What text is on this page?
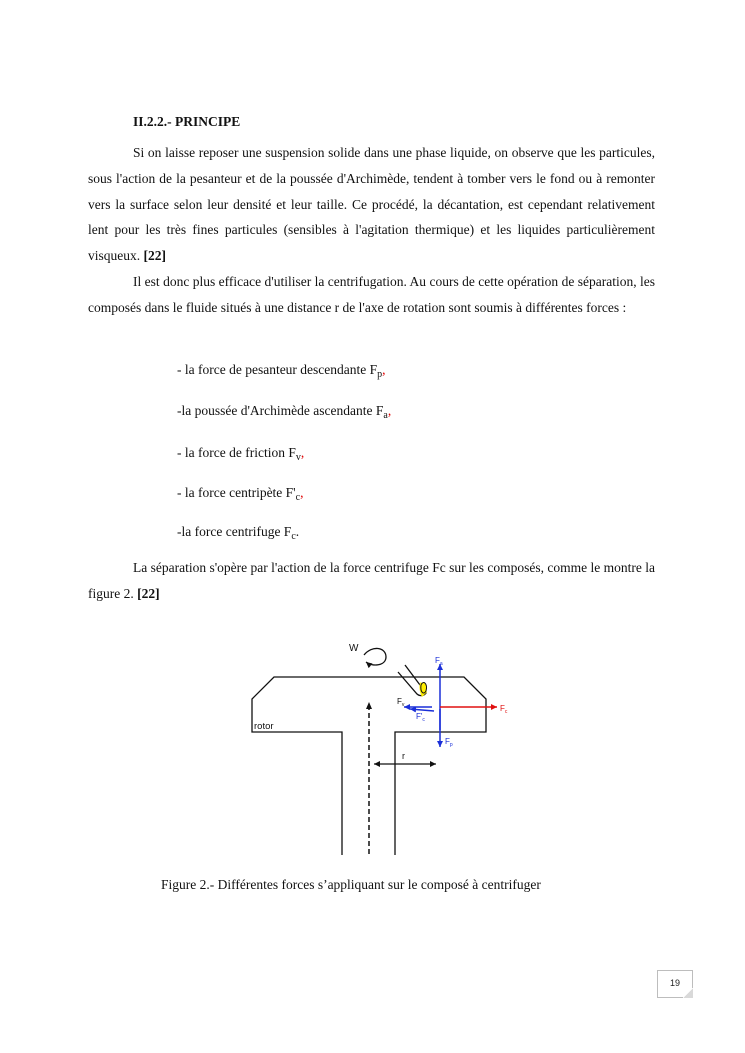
II.2.2.- PRINCIPE

Si on laisse reposer une suspension solide dans une phase liquide, on observe que les particules, sous l'action de la pesanteur et de la poussée d'Archimède, tendent à tomber vers le fond ou à remonter vers la surface selon leur densité et leur taille. Ce procédé, la décantation, est cependant relativement lent pour les très fines particules (sensibles à l'agitation thermique) et les liquides particulièrement visqueux. [22]

Il est donc plus efficace d'utiliser la centrifugation. Au cours de cette opération de séparation, les composés dans le fluide situés à une distance r de l'axe de rotation sont soumis à différentes forces :

- la force de pesanteur descendante $F_p$,
-la poussée d'Archimède ascendante $F_a$,
- la force de friction $F_v$,
- la force centripète $F'_c$,
-la force centrifuge $F_c$.

La séparation s'opère par l'action de la force centrifuge Fc sur les composés, comme le montre la figure 2. [22]

W
rotor
r
$F_a$
$F_v$
$F'_c$
$F_c$
$F_p$
Figure 2.- Différentes forces s’appliquant sur le composé à centrifuger
19
